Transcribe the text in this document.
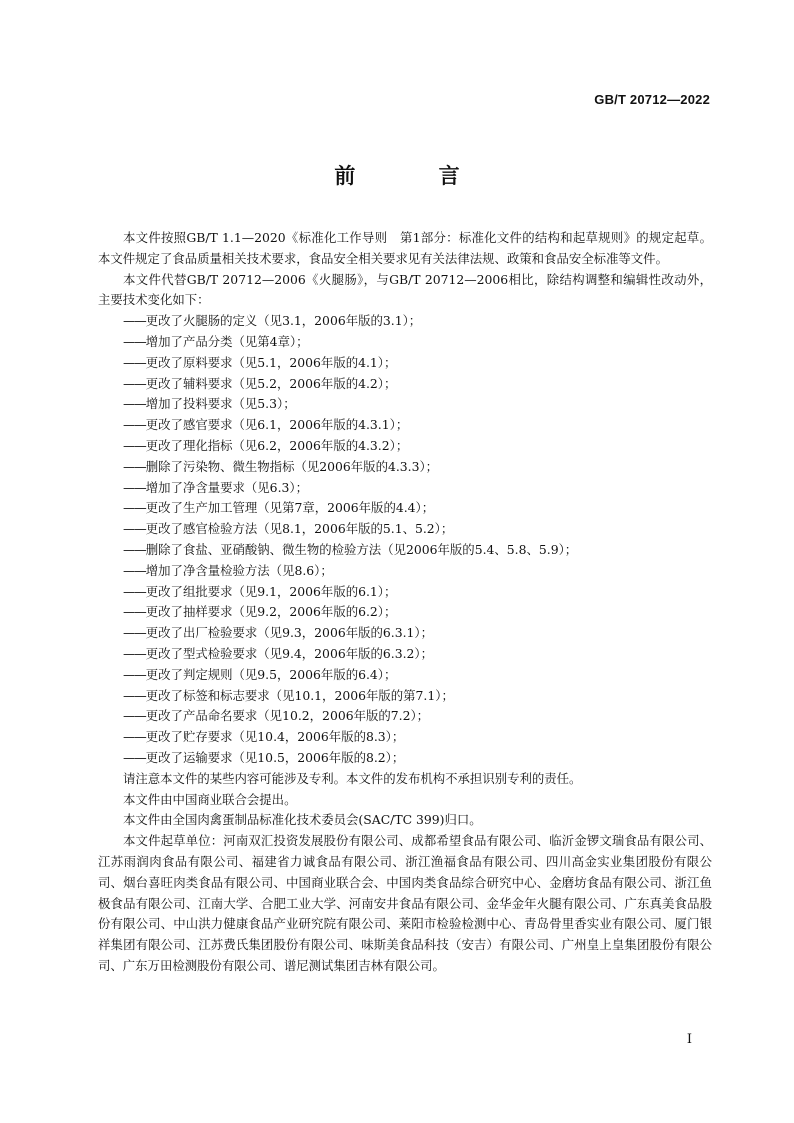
GB/T 20712—2022
前 言

本文件按照GB/T 1.1—2020《标准化工作导则　第1部分：标准化文件的结构和起草规则》的规定起草。本文件规定了食品质量相关技术要求，食品安全相关要求见有关法律法规、政策和食品安全标准等文件。

本文件代替GB/T 20712—2006《火腿肠》，与GB/T 20712—2006相比，除结构调整和编辑性改动外，主要技术变化如下：

——更改了火腿肠的定义（见3.1，2006年版的3.1）；
——增加了产品分类（见第4章）；
——更改了原料要求（见5.1，2006年版的4.1）；
——更改了辅料要求（见5.2，2006年版的4.2）；
——增加了投料要求（见5.3）；
——更改了感官要求（见6.1，2006年版的4.3.1）；
——更改了理化指标（见6.2，2006年版的4.3.2）；
——删除了污染物、微生物指标（见2006年版的4.3.3）；
——增加了净含量要求（见6.3）；
——更改了生产加工管理（见第7章，2006年版的4.4）；
——更改了感官检验方法（见8.1，2006年版的5.1、5.2）；
——删除了食盐、亚硝酸钠、微生物的检验方法（见2006年版的5.4、5.8、5.9）；
——增加了净含量检验方法（见8.6）；
——更改了组批要求（见9.1，2006年版的6.1）；
——更改了抽样要求（见9.2，2006年版的6.2）；
——更改了出厂检验要求（见9.3，2006年版的6.3.1）；
——更改了型式检验要求（见9.4，2006年版的6.3.2）；
——更改了判定规则（见9.5，2006年版的6.4）；
——更改了标签和标志要求（见10.1，2006年版的第7.1）；
——更改了产品命名要求（见10.2，2006年版的7.2）；
——更改了贮存要求（见10.4，2006年版的8.3）；
——更改了运输要求（见10.5，2006年版的8.2）；

请注意本文件的某些内容可能涉及专利。本文件的发布机构不承担识别专利的责任。

本文件由中国商业联合会提出。

本文件由全国肉禽蛋制品标准化技术委员会(SAC/TC 399)归口。

本文件起草单位：河南双汇投资发展股份有限公司、成都希望食品有限公司、临沂金锣文瑞食品有限公司、江苏雨润肉食品有限公司、福建省力诚食品有限公司、浙江渔福食品有限公司、四川高金实业集团股份有限公司、烟台喜旺肉类食品有限公司、中国商业联合会、中国肉类食品综合研究中心、金磨坊食品有限公司、浙江鱼极食品有限公司、江南大学、合肥工业大学、河南安井食品有限公司、金华金年火腿有限公司、广东真美食品股份有限公司、中山洪力健康食品产业研究院有限公司、莱阳市检验检测中心、青岛骨里香实业有限公司、厦门银祥集团有限公司、江苏费氏集团股份有限公司、味斯美食品科技（安吉）有限公司、广州皇上皇集团股份有限公司、广东万田检测股份有限公司、谱尼测试集团吉林有限公司。

I
